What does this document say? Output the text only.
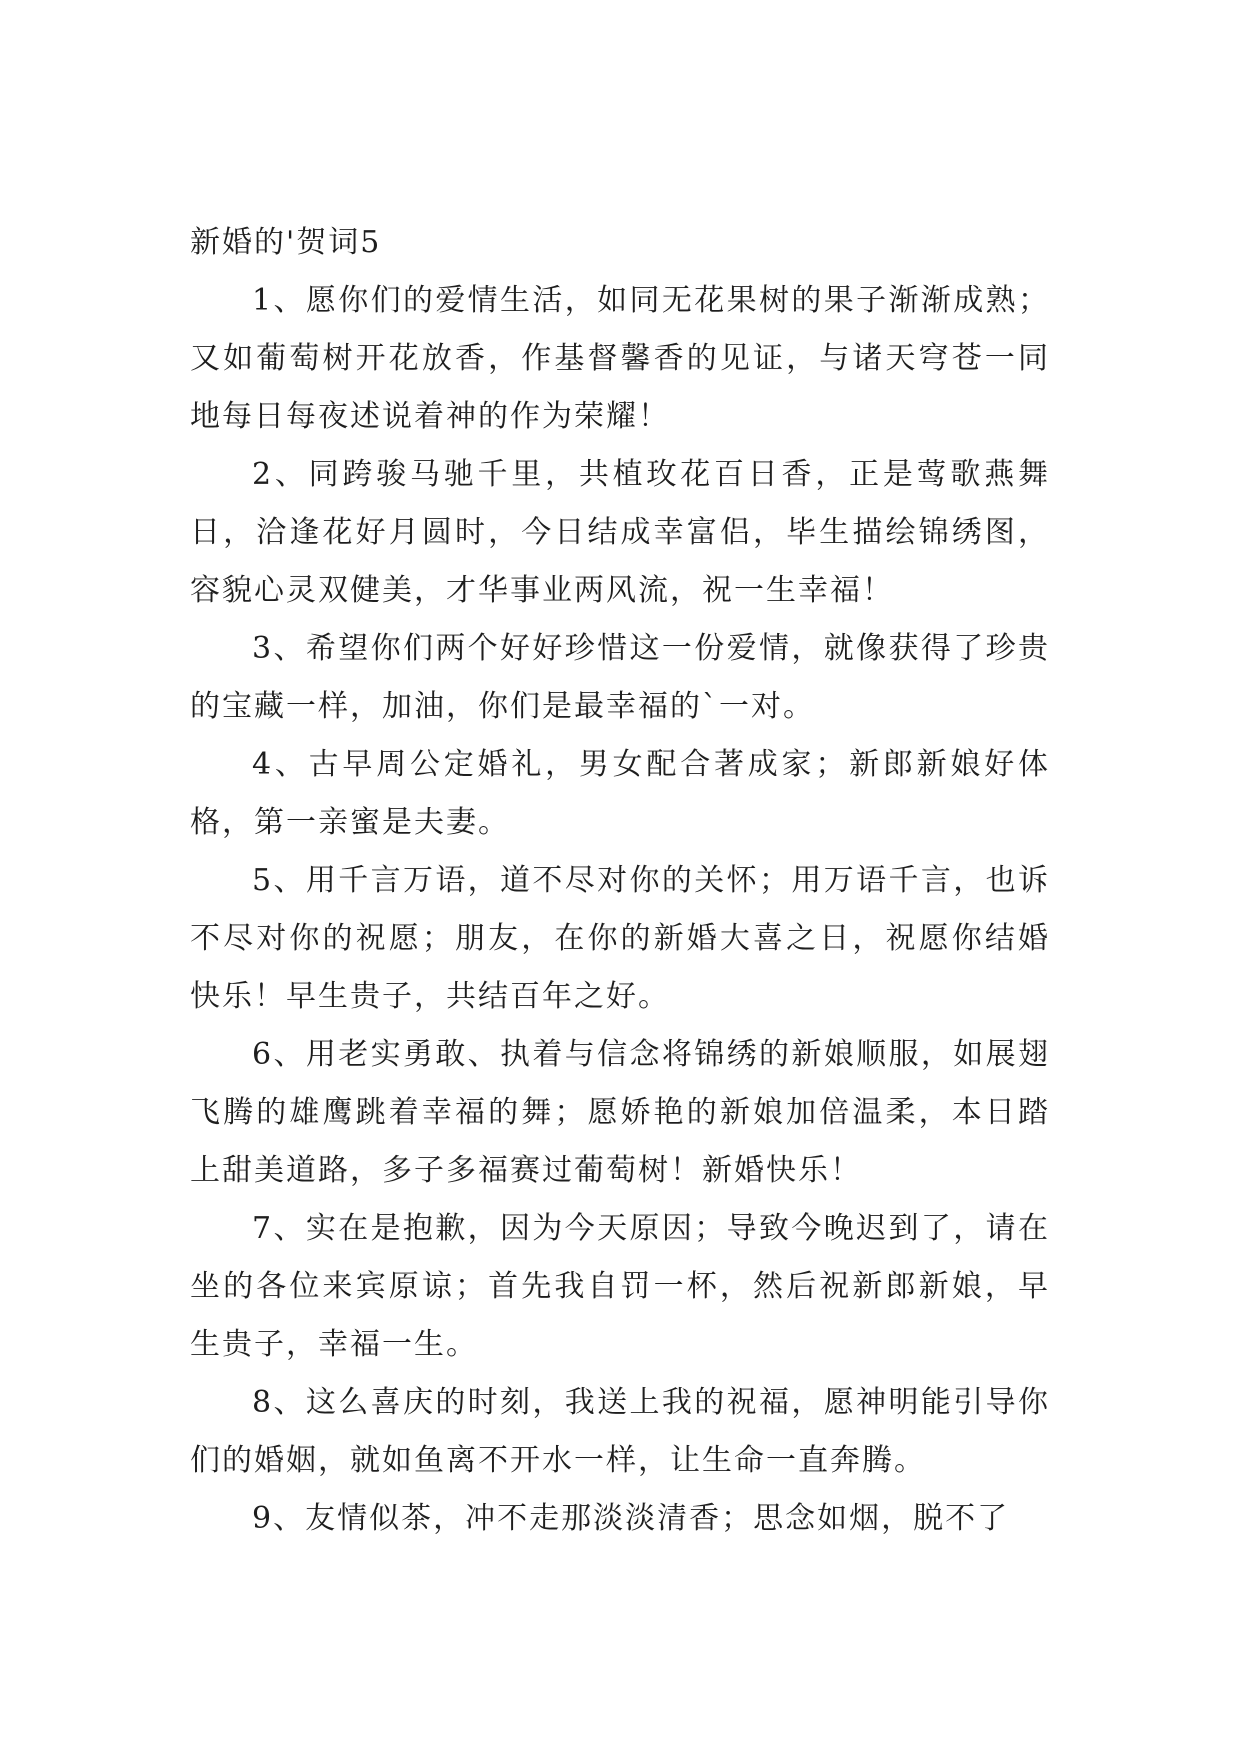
新婚的'贺词5

1、愿你们的爱情生活，如同无花果树的果子渐渐成熟；又如葡萄树开花放香，作基督馨香的见证，与诸天穹苍一同地每日每夜述说着神的作为荣耀！

2、同跨骏马驰千里，共植玫花百日香，正是莺歌燕舞日，洽逢花好月圆时，今日结成幸富侣，毕生描绘锦绣图，容貌心灵双健美，才华事业两风流，祝一生幸福！

3、希望你们两个好好珍惜这一份爱情，就像获得了珍贵的宝藏一样，加油，你们是最幸福的`一对。

4、古早周公定婚礼，男女配合著成家；新郎新娘好体格，第一亲蜜是夫妻。

5、用千言万语，道不尽对你的关怀；用万语千言，也诉不尽对你的祝愿；朋友，在你的新婚大喜之日，祝愿你结婚快乐！早生贵子，共结百年之好。

6、用老实勇敢、执着与信念将锦绣的新娘顺服，如展翅飞腾的雄鹰跳着幸福的舞；愿娇艳的新娘加倍温柔，本日踏上甜美道路，多子多福赛过葡萄树！新婚快乐！

7、实在是抱歉，因为今天原因；导致今晚迟到了，请在坐的各位来宾原谅；首先我自罚一杯，然后祝新郎新娘，早生贵子，幸福一生。

8、这么喜庆的时刻，我送上我的祝福，愿神明能引导你们的婚姻，就如鱼离不开水一样，让生命一直奔腾。

9、友情似茶，冲不走那淡淡清香；思念如烟，脱不了
